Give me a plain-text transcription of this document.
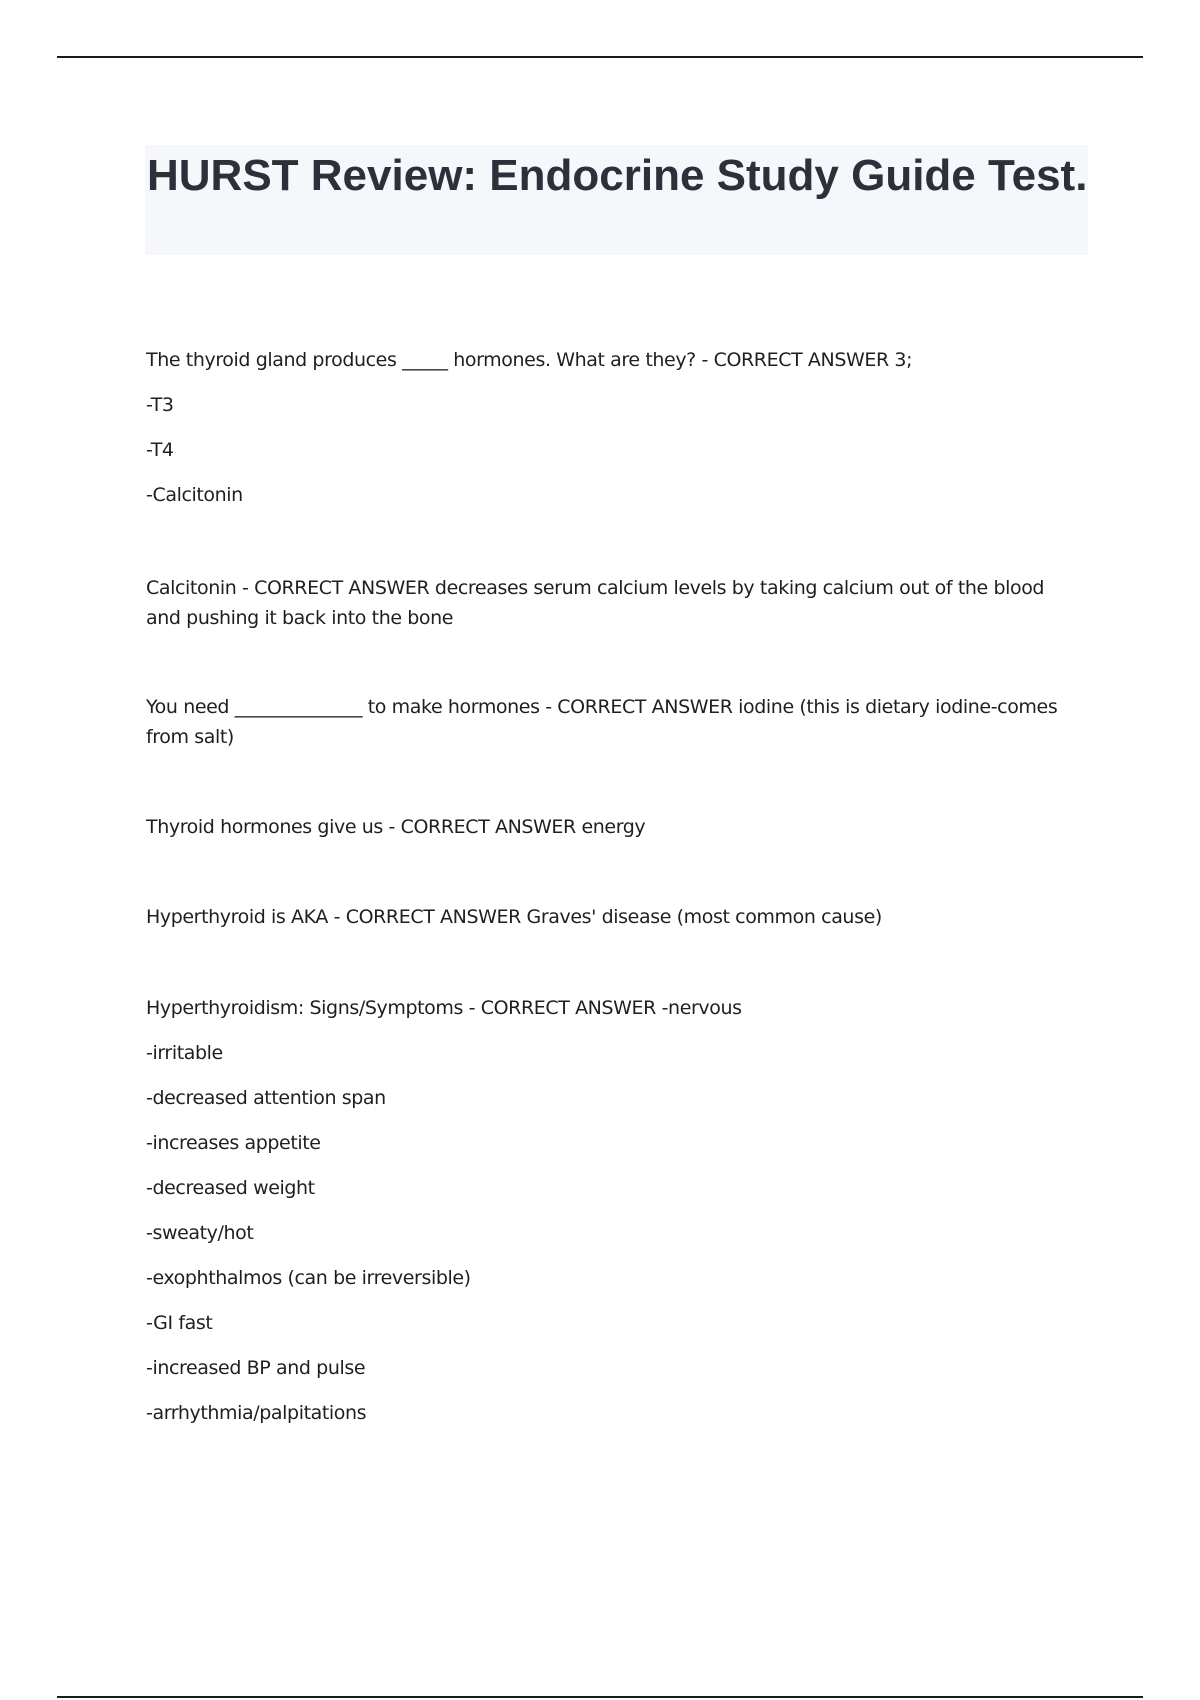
HURST Review: Endocrine Study Guide Test.

The thyroid gland produces _____ hormones. What are they? - CORRECT ANSWER 3;

-T3

-T4

-Calcitonin

Calcitonin - CORRECT ANSWER decreases serum calcium levels by taking calcium out of the blood and pushing it back into the bone

You need ______________ to make hormones - CORRECT ANSWER iodine (this is dietary iodine-comes from salt)

Thyroid hormones give us - CORRECT ANSWER energy

Hyperthyroid is AKA - CORRECT ANSWER Graves' disease (most common cause)

Hyperthyroidism: Signs/Symptoms - CORRECT ANSWER -nervous

-irritable

-decreased attention span

-increases appetite

-decreased weight

-sweaty/hot

-exophthalmos (can be irreversible)

-GI fast

-increased BP and pulse

-arrhythmia/palpitations
